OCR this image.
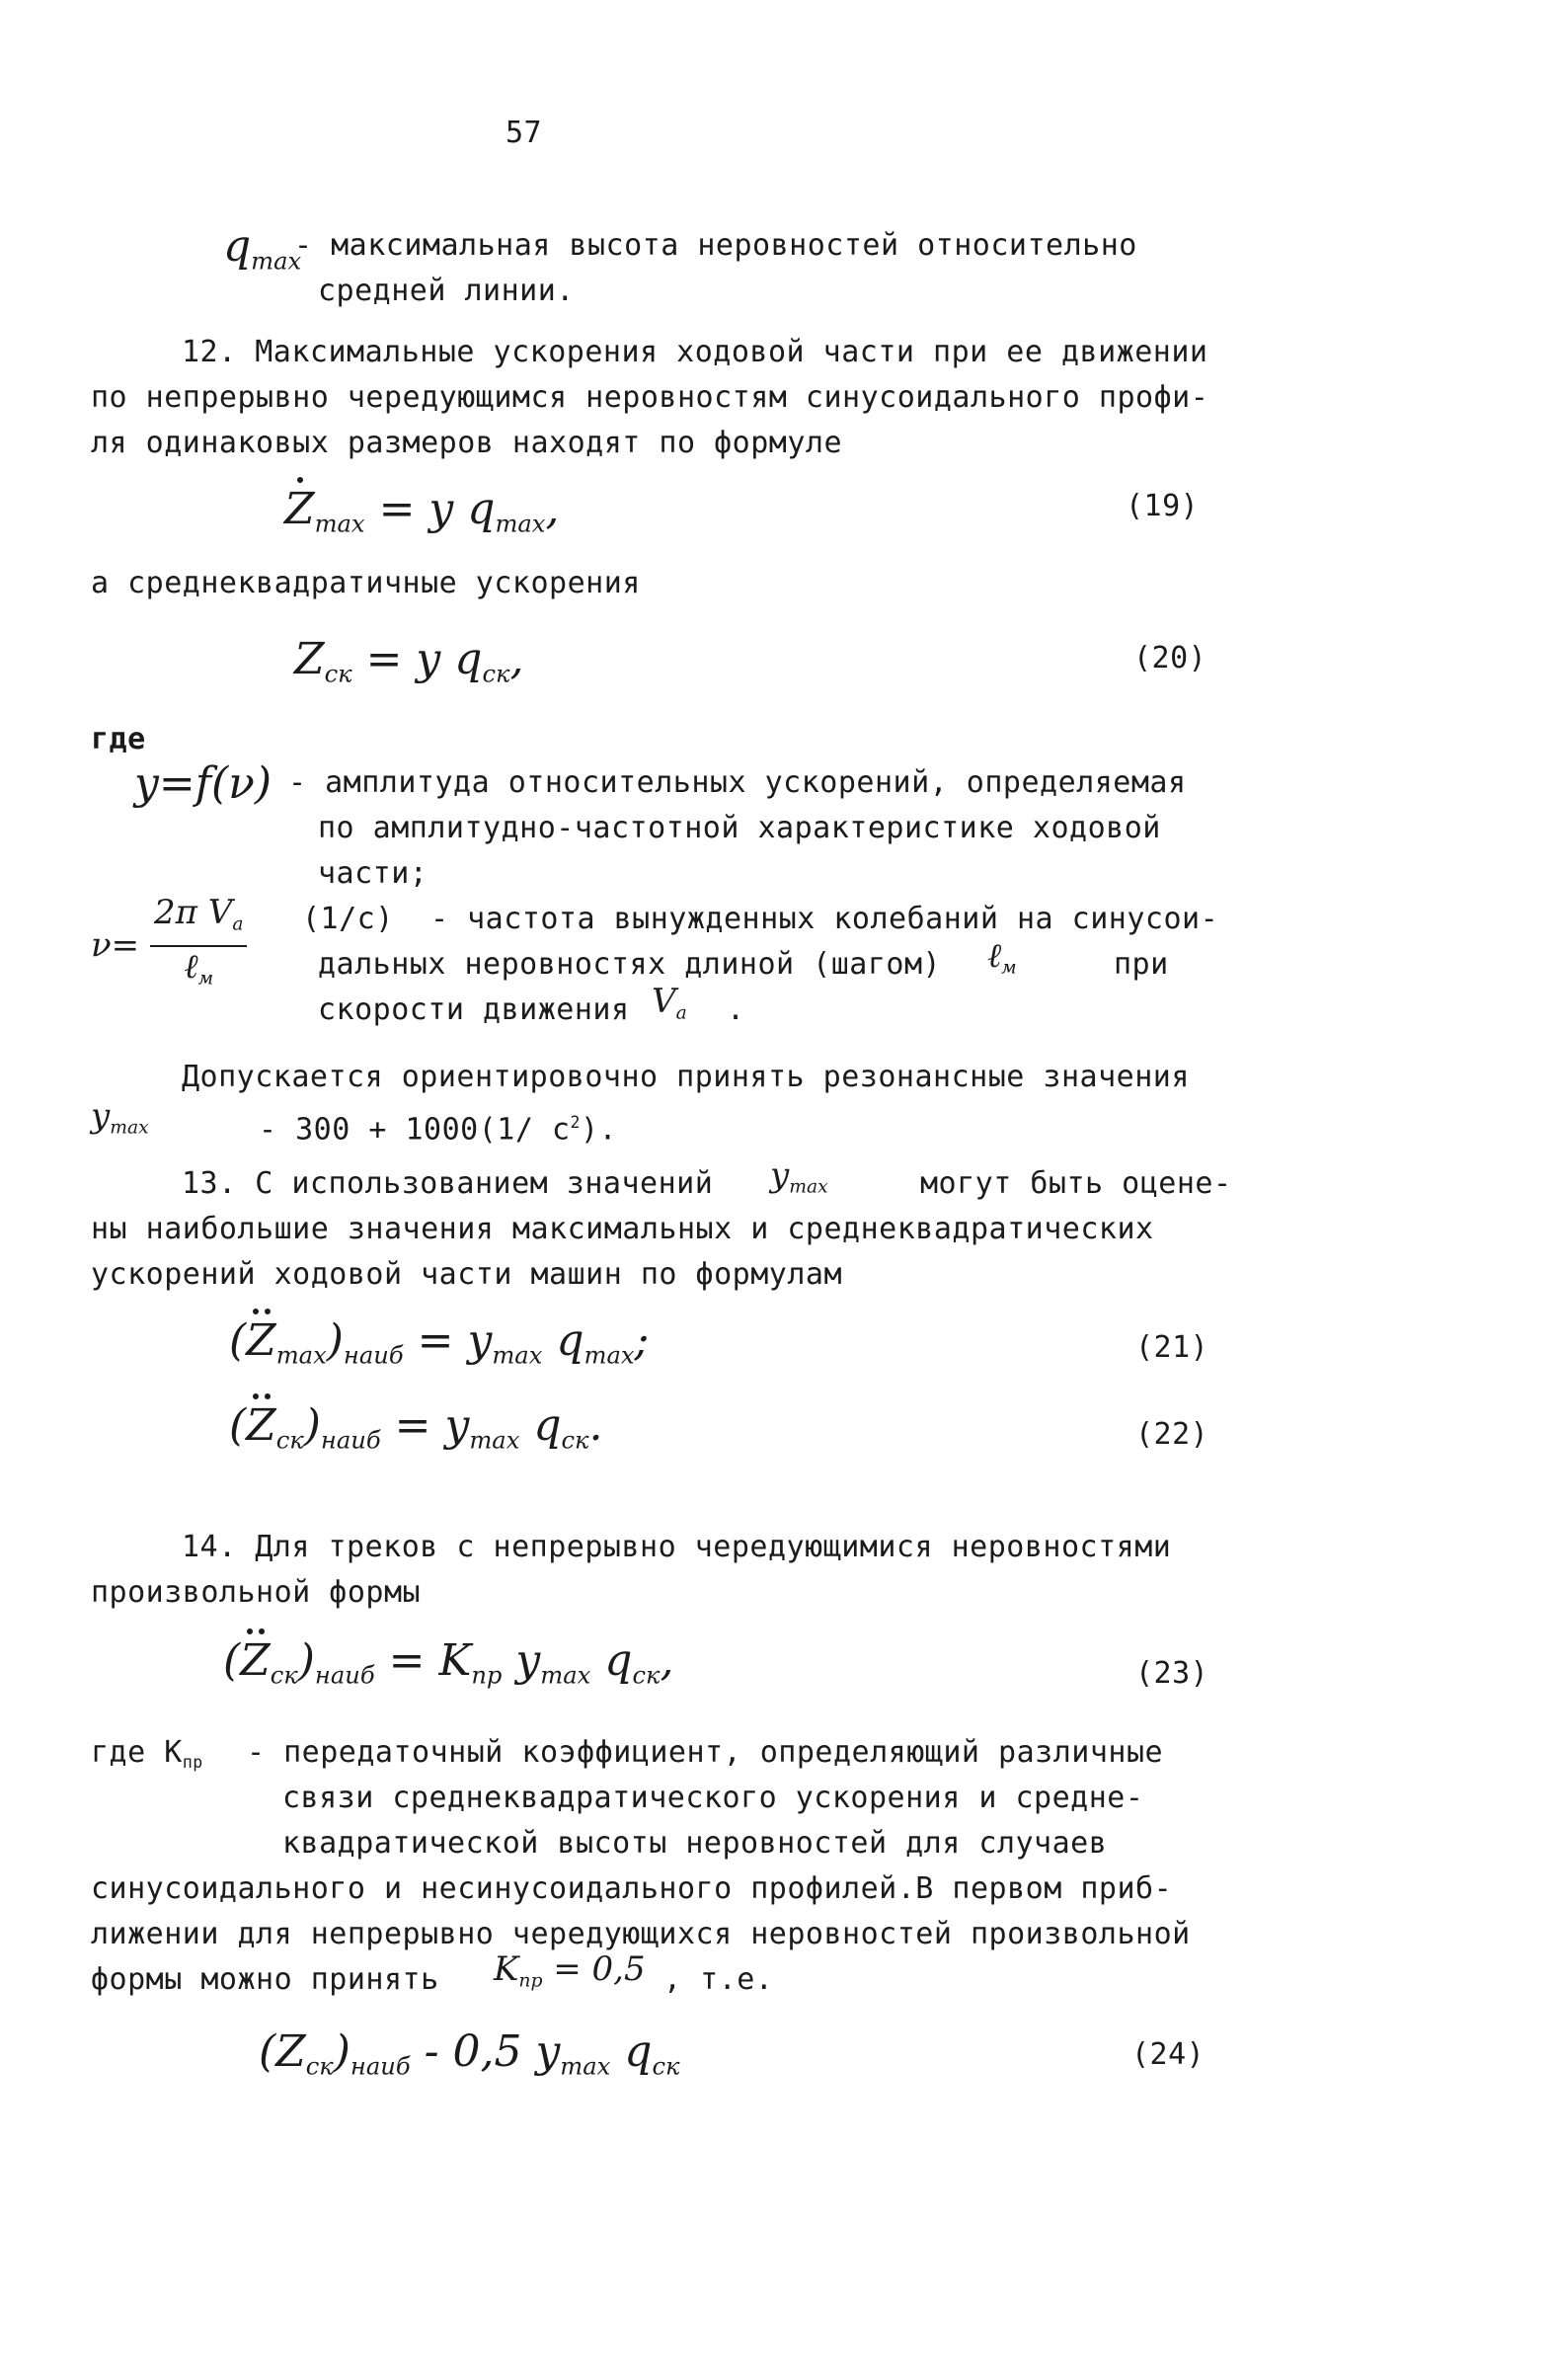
57
$q_{max}$
- максимальная высота неровностей относительно
средней линии.
12. Максимальные ускорения ходовой части при ее движении
по непрерывно чередующимся неровностям синусоидального профи-
ля одинаковых размеров находят по формуле
$Z_{max} = y$ $q_{max}$,	(19)
а среднеквадратичные ускорения
$Z_{ск} = y$ $q_{ск}$,	(20)
где
y=f(ν) - амплитуда относительных ускорений, определяемая
по амплитудно-частотной характеристике ходовой
части;
$\nu= \frac{2\pi V_a}{\ell_м} (1/с)$ - частота вынужденных колебаний на синусои-
дальных неровностях длиной (шагом) ℓ$_м$	при
скорости движения $V_a$ .
Допускается ориентировочно принять резонансные значения
$y_{max}$	- 300 + 1000(1/ $с^2$).
13. С использованием значений $y_{max}$	могут быть оцене-
ны наибольшие значения максимальных и среднеквадратических
ускорений ходовой части машин по формулам
$(Z_{max})_{наиб} = y_{max}$ $q_{max}$;	(21)
$(Z_{ск})_{наиб} = y_{max}$ $q_{ск}$.	(22)
14. Для треков с непрерывно чередующимися неровностями
произвольной формы
$(Z_{ск})_{наиб} = K_{пр}$ $y_{max}$ $q_{ск}$,	(23)
где $K_{пр}$ - передаточный коэффициент, определяющий различные
связи среднеквадратического ускорения и средне-
квадратической высоты неровностей для случаев
синусоидального и несинусоидального профилей.В первом приб-
лижении для непрерывно чередующихся неровностей произвольной
формы можно принять $K_{пр} = 0,5$ , т.е.
$(Z_{ск})_{наиб} - 0,5$ $y_{max}$ $q_{ск}$	(24)
